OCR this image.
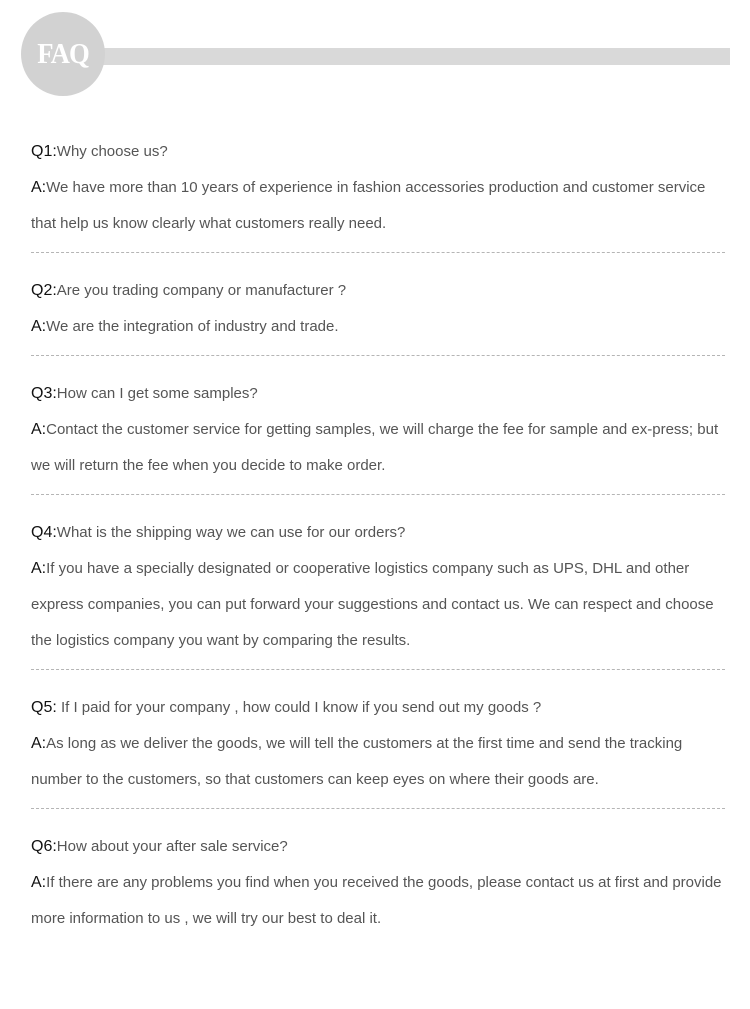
FAQ

Q1:Why choose us?

A:We have more than 10 years of experience in fashion accessories production and customer service that help us know clearly what customers really need.

Q2:Are you trading company or manufacturer ?

A:We are the integration of industry and trade.

Q3:How can I get some samples?

A:Contact the customer service for getting samples, we will charge the fee for sample and ex-press; but we will return the fee when you decide to make order.

Q4:What is the shipping way we can use for our orders?

A:If you have a specially designated or cooperative logistics company such as UPS, DHL and other express companies, you can put forward your suggestions and contact us. We can respect and choose the logistics company you want by comparing the results.

Q5: If I paid for your company , how could I know if you send out my goods ?

A:As long as we deliver the goods, we will tell the customers at the first time and send the tracking number to the customers, so that customers can keep eyes on where their goods are.

Q6:How about your after sale service?

A:If there are any problems you find when you received the goods, please contact us at first and provide more information to us , we will try our best to deal it.
